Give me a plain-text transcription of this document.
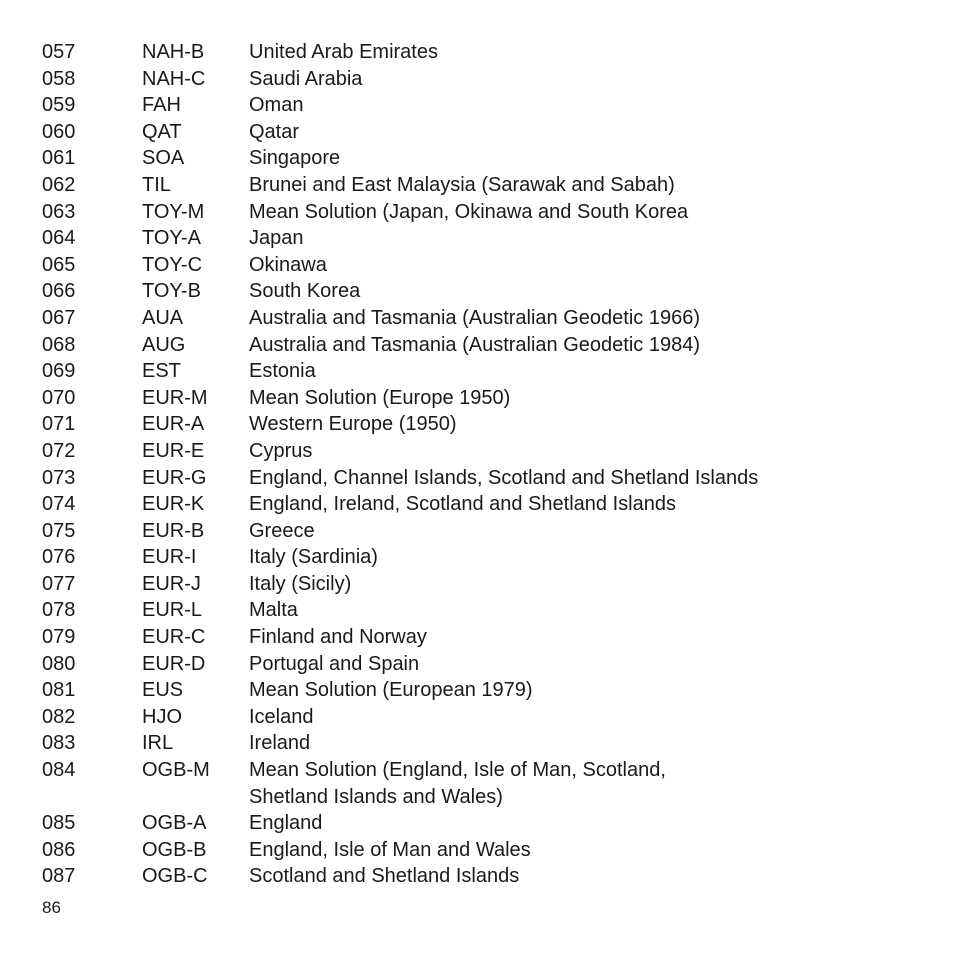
057	NAH-B	United Arab Emirates

058	NAH-C	Saudi Arabia

059	FAH	Oman

060	QAT	Qatar

061	SOA	Singapore

062	TIL	Brunei and East Malaysia (Sarawak and Sabah)

063	TOY-M	Mean Solution (Japan, Okinawa and South Korea

064	TOY-A	Japan

065	TOY-C	Okinawa

066	TOY-B	South Korea

067	AUA	Australia and Tasmania (Australian Geodetic 1966)

068	AUG	Australia and Tasmania (Australian Geodetic 1984)

069	EST	Estonia

070	EUR-M	Mean Solution (Europe 1950)

071	EUR-A	Western Europe (1950)

072	EUR-E	Cyprus

073	EUR-G	England, Channel Islands, Scotland and Shetland Islands

074	EUR-K	England, Ireland, Scotland and Shetland Islands

075	EUR-B	Greece

076	EUR-I	Italy (Sardinia)

077	EUR-J	Italy (Sicily)

078	EUR-L	Malta

079	EUR-C	Finland and Norway

080	EUR-D	Portugal and Spain

081	EUS	Mean Solution (European 1979)

082	HJO	Iceland

083	IRL	Ireland

084	OGB-M	Mean Solution (England, Isle of Man, Scotland,
Shetland Islands and Wales)

085	OGB-A	England

086	OGB-B	England, Isle of Man and Wales

087	OGB-C	Scotland and Shetland Islands
86
